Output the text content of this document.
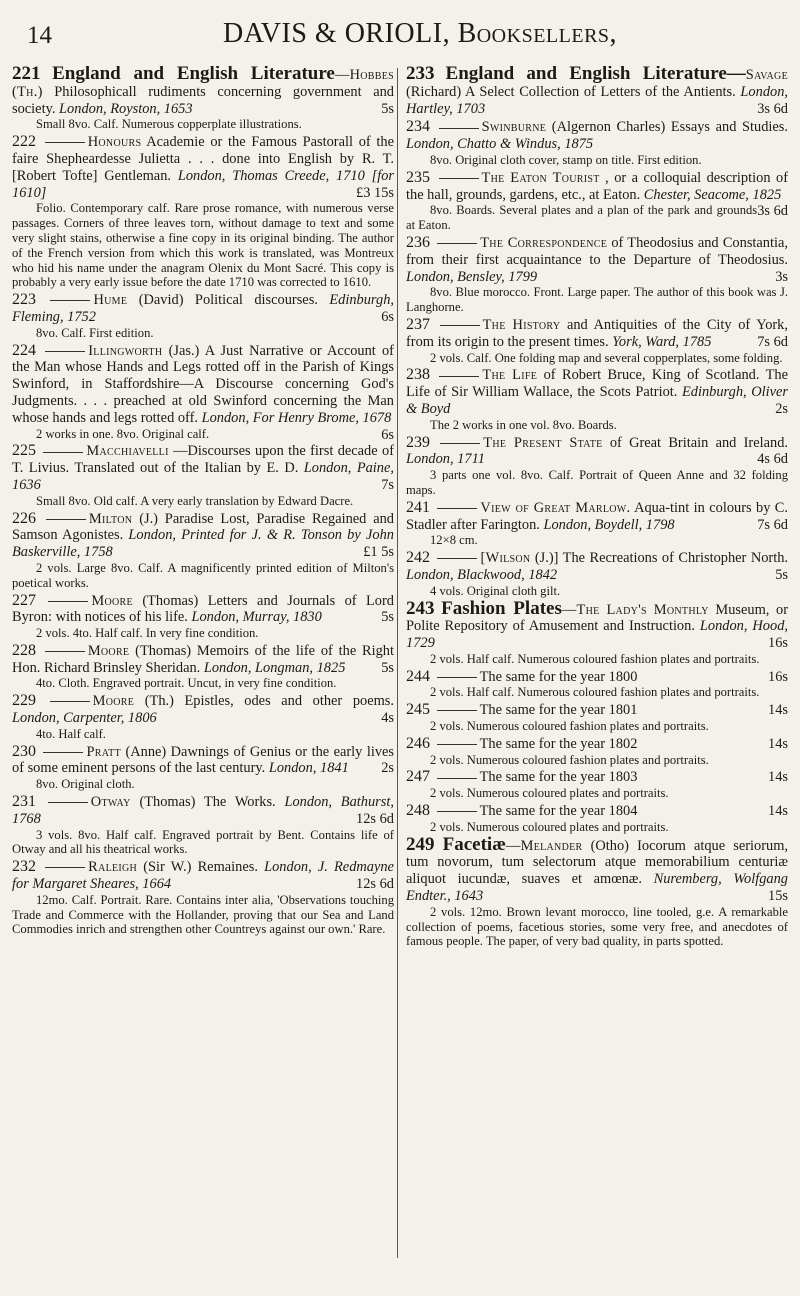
14	DAVIS & ORIOLI, Booksellers,

221 England and English Literature—Hobbes (Th.) Philosophicall rudiments concerning government and society. London, Royston, 1653	5s
Small 8vo. Calf. Numerous copperplate illustrations.

222	Honours Academie or the Famous Pastorall of the faire Shepheardesse Julietta . . . done into English by R. T. [Robert Tofte] Gentleman. London, Thomas Creede, 1710 [for 1610]	£3 15s
Folio. Contemporary calf. Rare prose romance, with numerous verse passages. Corners of three leaves torn, without damage to text and some very slight stains, otherwise a fine copy in its original binding. The author of the French version from which this work is translated, was Montreux who hid his name under the anagram Olenix du Mont Sacré. This copy is probably a very early issue before the date 1710 was corrected to 1610.

223	Hume (David) Political discourses. Edinburgh, Fleming, 1752	6s
8vo. Calf. First edition.

224	Illingworth (Jas.) A Just Narrative or Account of the Man whose Hands and Legs rotted off in the Parish of Kings Swinford, in Staffordshire—A Discourse concerning God's Judgments. . . . preached at old Swinford concerning the Man whose hands and legs rotted off. London, For Henry Brome, 1678
6s
2 works in one. 8vo. Original calf.

225	Macchiavelli —Discourses upon the first decade of T. Livius. Translated out of the Italian by E. D. London, Paine, 1636	7s
Small 8vo. Old calf. A very early translation by Edward Dacre.

226	Milton (J.) Paradise Lost, Paradise Regained and Samson Agonistes. London, Printed for J. & R. Tonson by John Baskerville, 1758	£1 5s
2 vols. Large 8vo. Calf. A magnificently printed edition of Milton's poetical works.

227	Moore (Thomas) Letters and Journals of Lord Byron: with notices of his life. London, Murray, 1830	5s
2 vols. 4to. Half calf. In very fine condition.

228	Moore (Thomas) Memoirs of the life of the Right Hon. Richard Brinsley Sheridan. London, Longman, 1825 5s
4to. Cloth. Engraved portrait. Uncut, in very fine condition.

229	Moore (Th.) Epistles, odes and other poems. London, Carpenter, 1806	4s
4to. Half calf.

230	Pratt (Anne) Dawnings of Genius or the early lives of some eminent persons of the last century. London, 1841 2s
8vo. Original cloth.

231	Otway (Thomas) The Works. London, Bathurst, 1768	12s 6d
3 vols. 8vo. Half calf. Engraved portrait by Bent. Contains life of Otway and all his theatrical works.

232	Raleigh (Sir W.) Remaines. London, J. Redmayne for Margaret Sheares, 1664	12s 6d
12mo. Calf. Portrait. Rare. Contains inter alia, 'Observations touching Trade and Commerce with the Hollander, proving that our Sea and Land Commodies inrich and strengthen other Countreys against our own.' Rare.

233 England and English Literature—Savage (Richard) A Select Collection of Letters of the Antients. London, Hartley, 1703	3s 6d

234	Swinburne (Algernon Charles) Essays and Studies. London, Chatto & Windus, 1875
8vo. Original cloth cover, stamp on title. First edition.

235	The Eaton Tourist , or a colloquial description of the hall, grounds, gardens, etc., at Eaton. Chester, Seacome, 1825
3s 6d
8vo. Boards. Several plates and a plan of the park and grounds at Eaton.

236	The Correspondence of Theodosius and Constantia, from their first acquaintance to the Departure of Theodosius. London, Bensley, 1799	3s
8vo. Blue morocco. Front. Large paper. The author of this book was J. Langhorne.

237	The History and Antiquities of the City of York, from its origin to the present times. York, Ward, 1785	7s 6d
2 vols. Calf. One folding map and several copperplates, some folding.

238	The Life of Robert Bruce, King of Scotland. The Life of Sir William Wallace, the Scots Patriot. Edinburgh, Oliver & Boyd	2s
The 2 works in one vol. 8vo. Boards.

239	The Present State of Great Britain and Ireland. London, 1711	4s 6d
3 parts one vol. 8vo. Calf. Portrait of Queen Anne and 32 folding maps.

241	View of Great Marlow. Aqua-tint in colours by C. Stadler after Farington. London, Boydell, 1798	7s 6d
12×8 cm.

242	[Wilson (J.)] The Recreations of Christopher North. London, Blackwood, 1842	5s
4 vols. Original cloth gilt.

243 Fashion Plates—The Lady's Monthly Museum, or Polite Repository of Amusement and Instruction. London, Hood, 1729	16s
2 vols. Half calf. Numerous coloured fashion plates and portraits.

244	The same for the year 1800	16s
2 vols. Half calf. Numerous coloured fashion plates and portraits.

245	The same for the year 1801	14s
2 vols. Numerous coloured fashion plates and portraits.

246	The same for the year 1802	14s
2 vols. Numerous coloured fashion plates and portraits.

247	The same for the year 1803	14s
2 vols. Numerous coloured plates and portraits.

248	The same for the year 1804	14s
2 vols. Numerous coloured plates and portraits.

249 Facetiæ—Melander (Otho) Iocorum atque seriorum, tum novorum, tum selectorum atque memorabilium centuriæ aliquot iucundæ, suaves et amœnæ. Nuremberg, Wolfgang Endter., 1643	15s
2 vols. 12mo. Brown levant morocco, line tooled, g.e. A remarkable collection of poems, facetious stories, some very free, and anecdotes of famous people. The paper, of very bad quality, in parts spotted.
